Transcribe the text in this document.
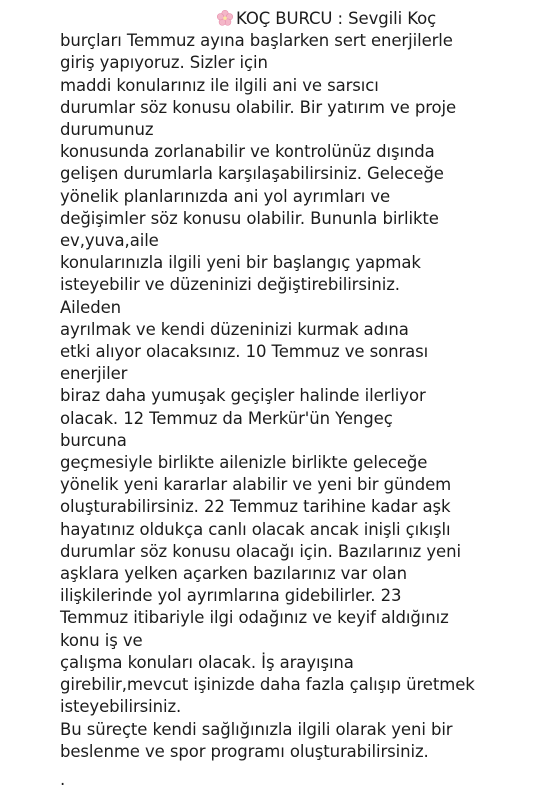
KOÇ BURCU : Sevgili Koç
burçları Temmuz ayına başlarken sert enerjilerle
giriş yapıyoruz. Sizler için
maddi konularınız ile ilgili ani ve sarsıcı
durumlar söz konusu olabilir. Bir yatırım ve proje
durumunuz
konusunda zorlanabilir ve kontrolünüz dışında
gelişen durumlarla karşılaşabilirsiniz. Geleceğe
yönelik planlarınızda ani yol ayrımları ve
değişimler söz konusu olabilir. Bununla birlikte
ev,yuva,aile
konularınızla ilgili yeni bir başlangıç yapmak
isteyebilir ve düzeninizi değiştirebilirsiniz.
Aileden
ayrılmak ve kendi düzeninizi kurmak adına
etki alıyor olacaksınız. 10 Temmuz ve sonrası
enerjiler
biraz daha yumuşak geçişler halinde ilerliyor
olacak. 12 Temmuz da Merkür'ün Yengeç
burcuna
geçmesiyle birlikte ailenizle birlikte geleceğe
yönelik yeni kararlar alabilir ve yeni bir gündem
oluşturabilirsiniz. 22 Temmuz tarihine kadar aşk
hayatınız oldukça canlı olacak ancak inişli çıkışlı
durumlar söz konusu olacağı için. Bazılarınız yeni
aşklara yelken açarken bazılarınız var olan
ilişkilerinde yol ayrımlarına gidebilirler. 23
Temmuz itibariyle ilgi odağınız ve keyif aldığınız
konu iş ve
çalışma konuları olacak. İş arayışına
girebilir,mevcut işinizde daha fazla çalışıp üretmek
isteyebilirsiniz.
Bu süreçte kendi sağlığınızla ilgili olarak yeni bir
beslenme ve spor programı oluşturabilirsiniz.
.
